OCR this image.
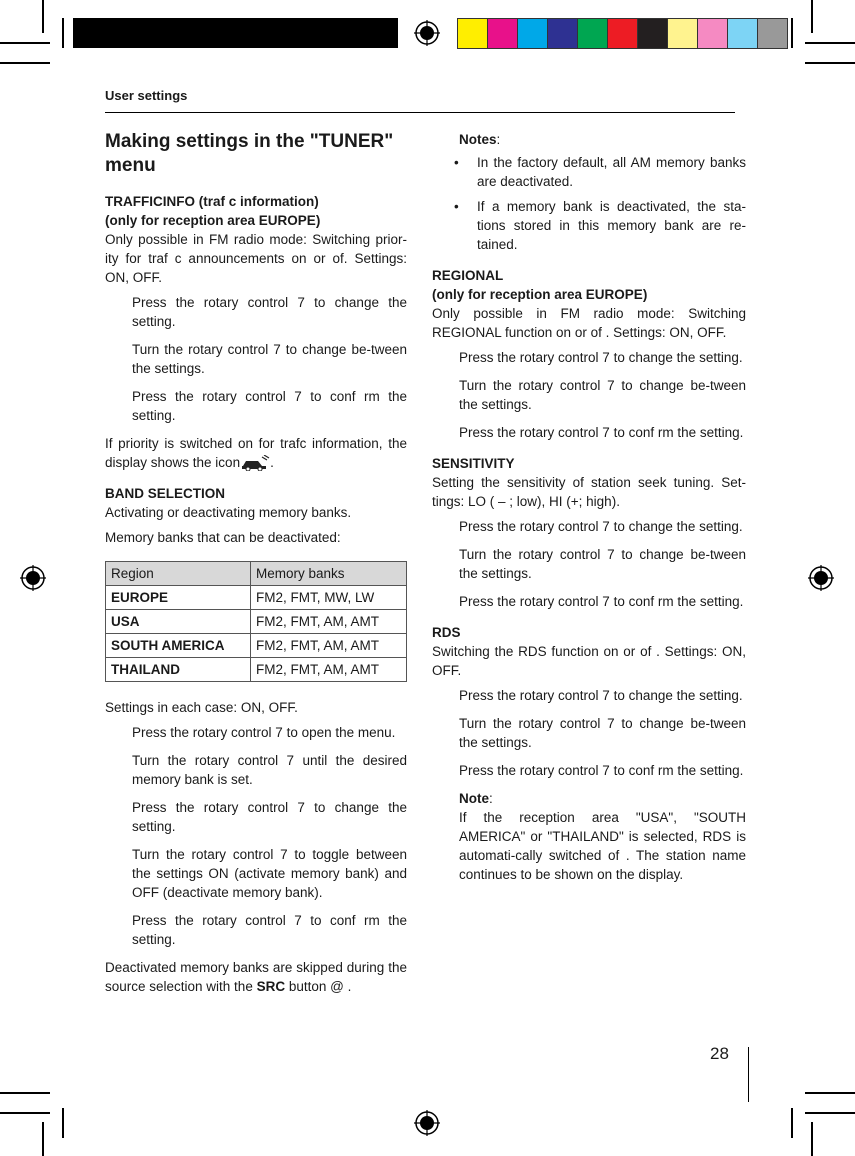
User settings
Making settings in the "TUNER" menu
TRAFFICINFO (traf c information)
(only for reception area EUROPE)

Only possible in FM radio mode: Switching prior-ity for traf c announcements on or of. Settings: ON, OFF.

Press the rotary control 7 to change the setting.
Turn the rotary control 7 to change be-tween the settings.
Press the rotary control 7 to conf rm the setting.

If priority is switched on for trafc information, the display shows the icon .

BAND SELECTION

Activating or deactivating memory banks.

Memory banks that can be deactivated:

Region	Memory banks
EUROPE	FM2, FMT, MW, LW
USA	FM2, FMT, AM, AMT
SOUTH AMERICA	FM2, FMT, AM, AMT
THAILAND	FM2, FMT, AM, AMT

Settings in each case: ON, OFF.

Press the rotary control 7 to open the menu.
Turn the rotary control 7 until the desired memory bank is set.
Press the rotary control 7 to change the setting.
Turn the rotary control 7 to toggle between the settings ON (activate memory bank) and OFF (deactivate memory bank).
Press the rotary control 7 to conf rm the setting.

Deactivated memory banks are skipped during the source selection with the SRC button @ .

Notes:
• In the factory default, all AM memory banks are deactivated.
• If a memory bank is deactivated, the sta-tions stored in this memory bank are re-tained.
REGIONAL
(only for reception area EUROPE)

Only possible in FM radio mode: Switching REGIONAL function on or of . Settings: ON, OFF.

Press the rotary control 7 to change the setting.
Turn the rotary control 7 to change be-tween the settings.
Press the rotary control 7 to conf rm the setting.
SENSITIVITY

Setting the sensitivity of station seek tuning. Set-tings: LO ( – ; low), HI (+; high).

Press the rotary control 7 to change the setting.
Turn the rotary control 7 to change be-tween the settings.
Press the rotary control 7 to conf rm the setting.
RDS

Switching the RDS function on or of . Settings: ON, OFF.

Press the rotary control 7 to change the setting.
Turn the rotary control 7 to change be-tween the settings.
Press the rotary control 7 to conf rm the setting.
Note:
If the reception area "USA", "SOUTH AMERICA" or "THAILAND" is selected, RDS is automati-cally switched of . The station name continues to be shown on the display.
28
